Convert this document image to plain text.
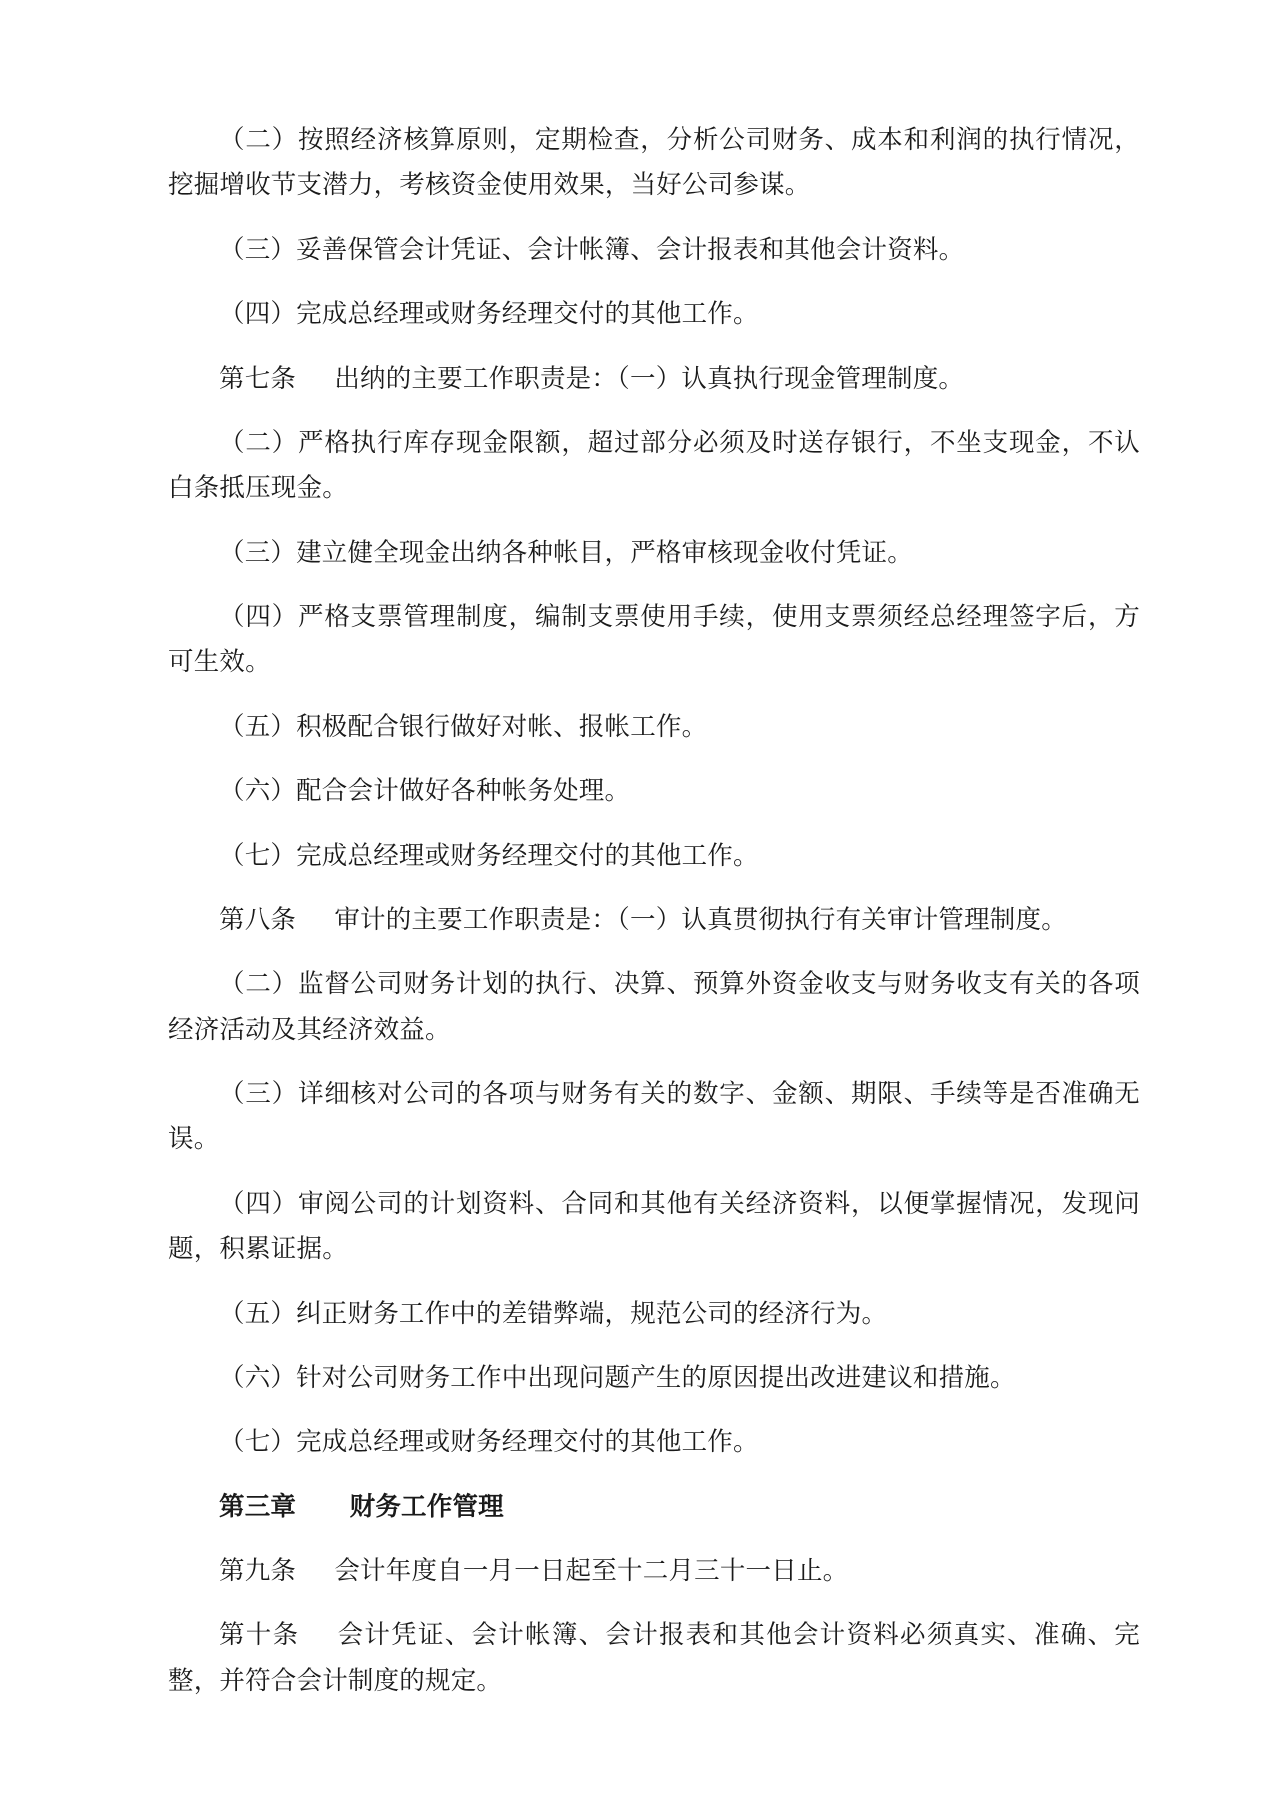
（二）按照经济核算原则，定期检查，分析公司财务、成本和利润的执行情况，挖掘增收节支潜力，考核资金使用效果，当好公司参谋。

（三）妥善保管会计凭证、会计帐簿、会计报表和其他会计资料。

（四）完成总经理或财务经理交付的其他工作。

第七条 出纳的主要工作职责是：（一）认真执行现金管理制度。

（二）严格执行库存现金限额，超过部分必须及时送存银行，不坐支现金，不认白条抵压现金。

（三）建立健全现金出纳各种帐目，严格审核现金收付凭证。

（四）严格支票管理制度，编制支票使用手续，使用支票须经总经理签字后，方可生效。

（五）积极配合银行做好对帐、报帐工作。

（六）配合会计做好各种帐务处理。

（七）完成总经理或财务经理交付的其他工作。

第八条 审计的主要工作职责是：（一）认真贯彻执行有关审计管理制度。

（二）监督公司财务计划的执行、决算、预算外资金收支与财务收支有关的各项经济活动及其经济效益。

（三）详细核对公司的各项与财务有关的数字、金额、期限、手续等是否准确无误。

（四）审阅公司的计划资料、合同和其他有关经济资料，以便掌握情况，发现问题，积累证据。

（五）纠正财务工作中的差错弊端，规范公司的经济行为。

（六）针对公司财务工作中出现问题产生的原因提出改进建议和措施。

（七）完成总经理或财务经理交付的其他工作。

第三章 财务工作管理

第九条 会计年度自一月一日起至十二月三十一日止。

第十条 会计凭证、会计帐簿、会计报表和其他会计资料必须真实、准确、完整，并符合会计制度的规定。
